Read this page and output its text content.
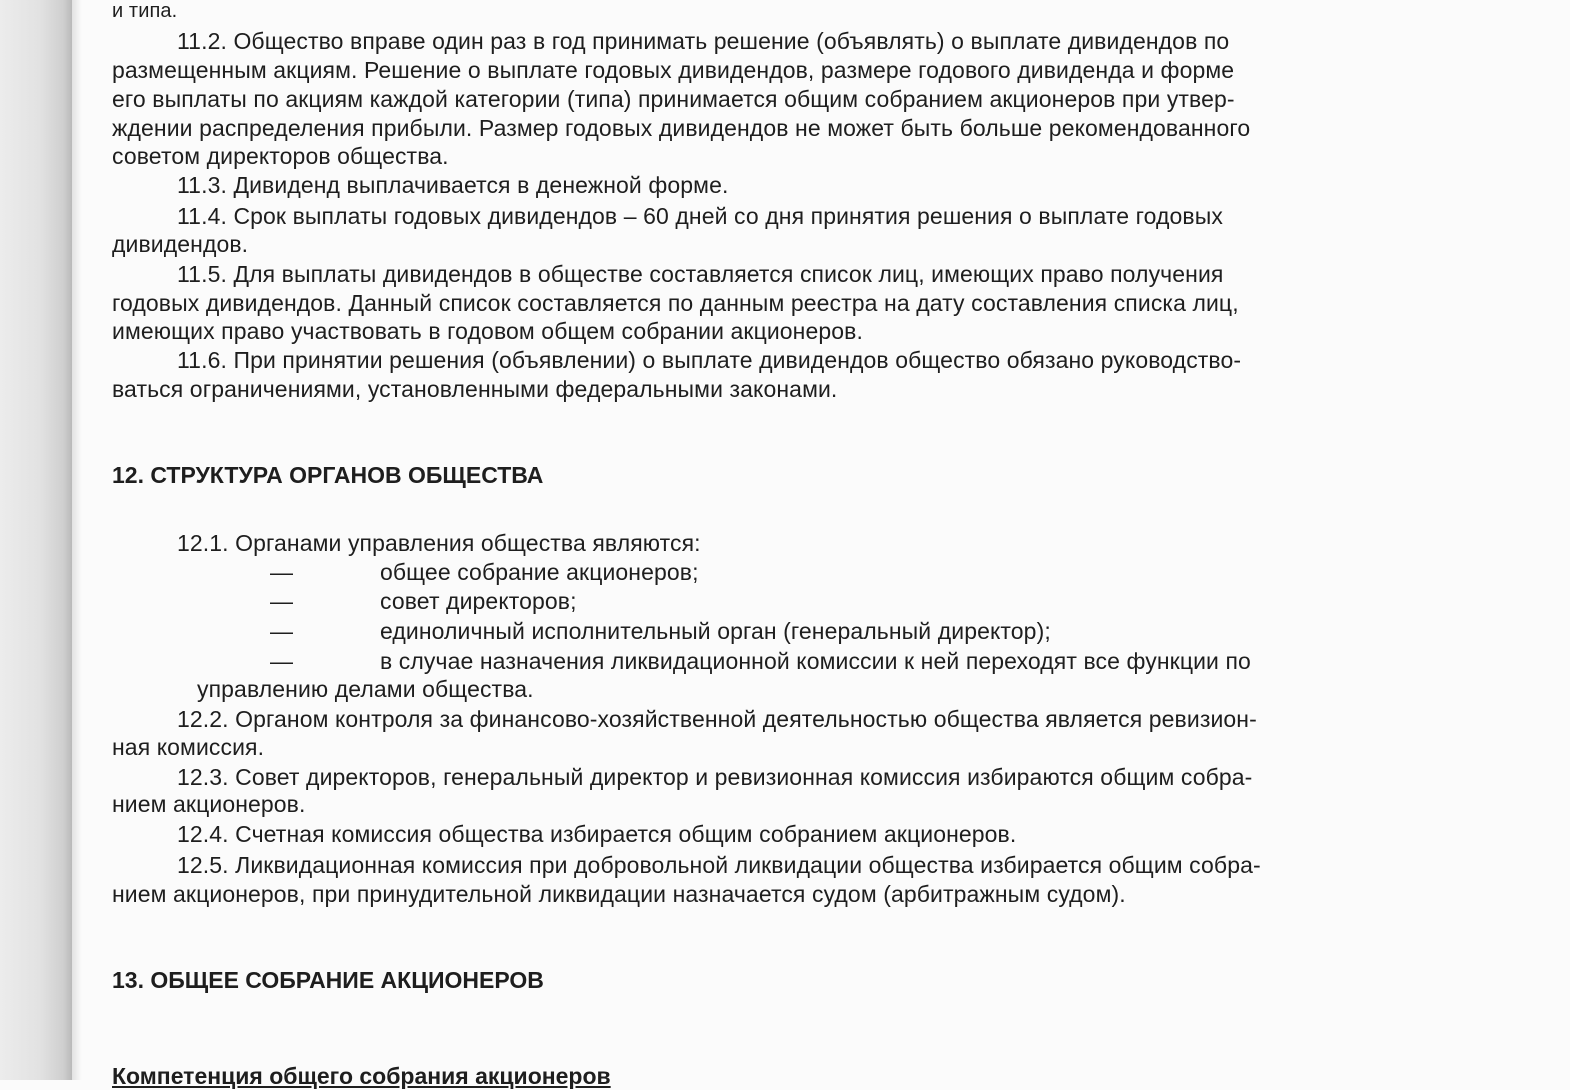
и типа.
11.2. Общество вправе один раз в год принимать решение (объявлять) о выплате дивидендов по
размещенным акциям. Решение о выплате годовых дивидендов, размере годового дивиденда и форме
его выплаты по акциям каждой категории (типа) принимается общим собранием акционеров при утвер-
ждении распределения прибыли. Размер годовых дивидендов не может быть больше рекомендованного
советом директоров общества.
11.3. Дивиденд выплачивается в денежной форме.
11.4. Срок выплаты годовых дивидендов – 60 дней со дня принятия решения о выплате годовых
дивидендов.
11.5. Для выплаты дивидендов в обществе составляется список лиц, имеющих право получения
годовых дивидендов. Данный список составляется по данным реестра на дату составления списка лиц,
имеющих право участвовать в годовом общем собрании акционеров.
11.6. При принятии решения (объявлении) о выплате дивидендов общество обязано руководство-
ваться ограничениями, установленными федеральными законами.
12. СТРУКТУРА ОРГАНОВ ОБЩЕСТВА
12.1. Органами управления общества являются:
—	общее собрание акционеров;
—	совет директоров;
—	единоличный исполнительный орган (генеральный директор);
—	в случае назначения ликвидационной комиссии к ней переходят все функции по
управлению делами общества.
12.2. Органом контроля за финансово-хозяйственной деятельностью общества является ревизион-
ная комиссия.
12.3. Совет директоров, генеральный директор и ревизионная комиссия избираются общим собра-
нием акционеров.
12.4. Счетная комиссия общества избирается общим собранием акционеров.
12.5. Ликвидационная комиссия при добровольной ликвидации общества избирается общим собра-
нием акционеров, при принудительной ликвидации назначается судом (арбитражным судом).
13. ОБЩЕЕ СОБРАНИЕ АКЦИОНЕРОВ
Компетенция общего собрания акционеров
